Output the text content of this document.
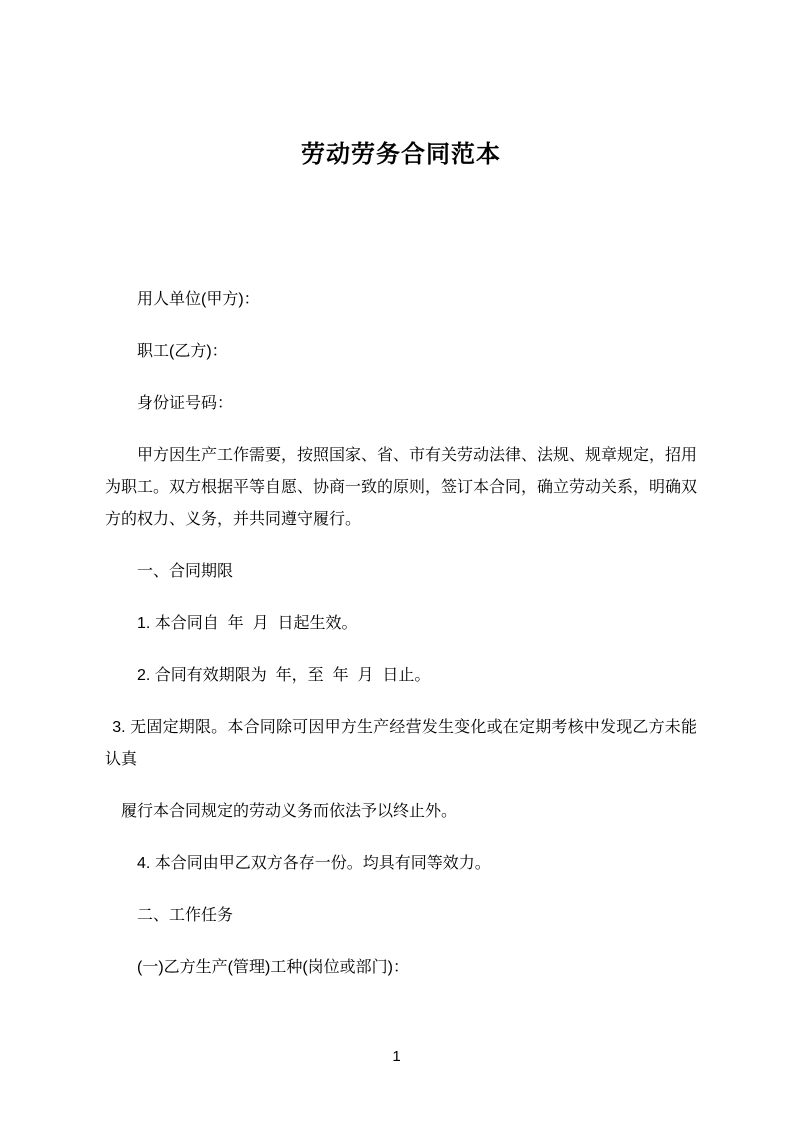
劳动劳务合同范本

用人单位(甲方)：

职工(乙方)：

身份证号码：

甲方因生产工作需要，按照国家、省、市有关劳动法律、法规、规章规定，招用为职工。双方根据平等自愿、协商一致的原则，签订本合同，确立劳动关系，明确双方的权力、义务，并共同遵守履行。

一、合同期限

1. 本合同自  年  月  日起生效。

2. 合同有效期限为  年，至  年  月  日止。

3. 无固定期限。本合同除可因甲方生产经营发生变化或在定期考核中发现乙方未能认真

履行本合同规定的劳动义务而依法予以终止外。

4. 本合同由甲乙双方各存一份。均具有同等效力。

二、工作任务

(一)乙方生产(管理)工种(岗位或部门)：

1
